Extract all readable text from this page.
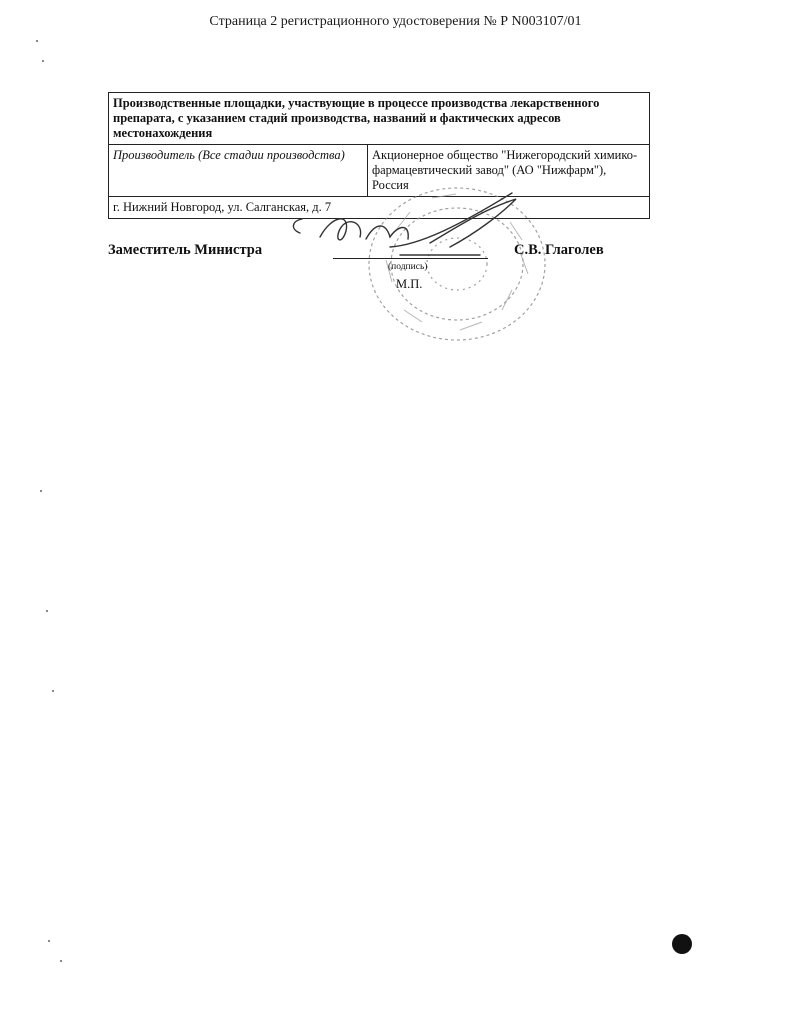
Страница 2 регистрационного удостоверения № Р N003107/01
Производственные площадки, участвующие в процессе производства лекарственного препарата, с указанием стадий производства, названий и фактических адресов местонахождения
Производитель (Все стадии производства)	Акционерное общество "Нижегородский химико-фармацевтический завод" (АО "Нижфарм"), Россия
г. Нижний Новгород, ул. Салганская, д. 7
Заместитель Министра	С.В. Глаголев
(подпись)
М.П.
